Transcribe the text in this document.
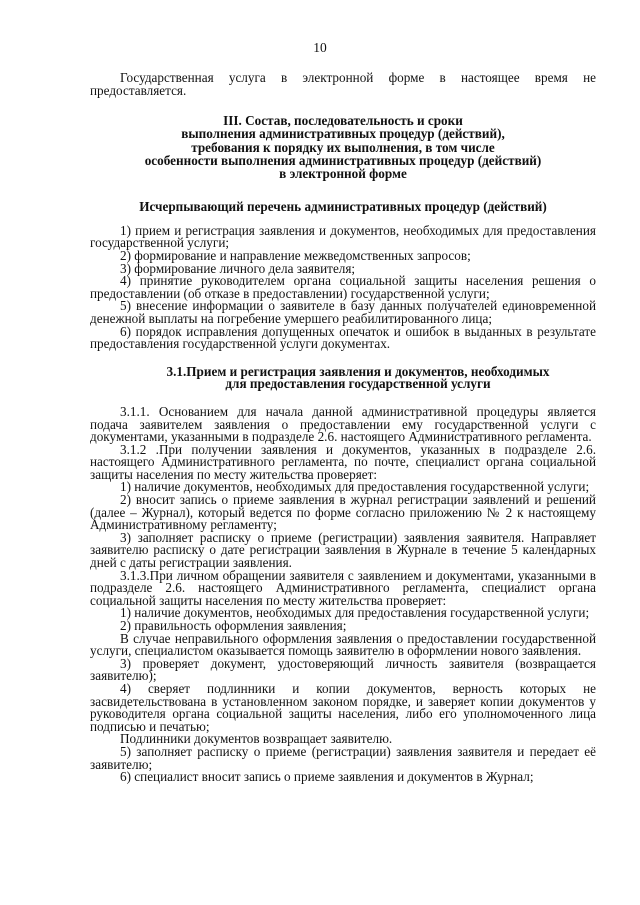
10

Государственная услуга в электронной форме в настоящее время не предоставляется.

III. Состав, последовательность и сроки
выполнения административных процедур (действий),
требования к порядку их выполнения, в том числе
особенности выполнения административных процедур (действий)
в электронной форме
Исчерпывающий перечень административных процедур (действий)

1) прием и регистрация заявления и документов, необходимых для предоставления государственной услуги;

2) формирование и направление межведомственных запросов;

3) формирование личного дела заявителя;

4) принятие руководителем органа социальной защиты населения решения о предоставлении (об отказе в предоставлении) государственной услуги;

5) внесение информации о заявителе в базу данных получателей единовременной денежной выплаты на погребение умершего реабилитированного лица;

6) порядок исправления допущенных опечаток и ошибок в выданных в результате предоставления государственной услуги документах.

3.1.Прием и регистрация заявления и документов, необходимых
для предоставления государственной услуги

3.1.1. Основанием для начала данной административной процедуры является подача заявителем заявления о предоставлении ему государственной услуги с документами, указанными в подразделе 2.6. настоящего Административного регламента.

3.1.2 .При получении заявления и документов, указанных в подразделе 2.6. настоящего Административного регламента, по почте, специалист органа социальной защиты населения по месту жительства проверяет:

1) наличие документов, необходимых для предоставления государственной услуги;

2) вносит запись о приеме заявления в журнал регистрации заявлений и решений (далее – Журнал), который ведется по форме согласно приложению № 2 к настоящему Административному регламенту;

3) заполняет расписку о приеме (регистрации) заявления заявителя. Направляет заявителю расписку о дате регистрации заявления в Журнале в течение 5 календарных дней с даты регистрации заявления.

3.1.3.При личном обращении заявителя с заявлением и документами, указанными в подразделе 2.6. настоящего Административного регламента, специалист органа социальной защиты населения по месту жительства проверяет:

1) наличие документов, необходимых для предоставления государственной услуги;

2) правильность оформления заявления;

В случае неправильного оформления заявления о предоставлении государственной услуги, специалистом оказывается помощь заявителю в оформлении нового заявления.

3) проверяет документ, удостоверяющий личность заявителя (возвращается заявителю);

4) сверяет подлинники и копии документов, верность которых не засвидетельствована в установленном законом порядке, и заверяет копии документов у руководителя органа социальной защиты населения, либо его уполномоченного лица подписью и печатью;

Подлинники документов возвращает заявителю.

5) заполняет расписку о приеме (регистрации) заявления заявителя и передает её заявителю;

6) специалист вносит запись о приеме заявления и документов в Журнал;
